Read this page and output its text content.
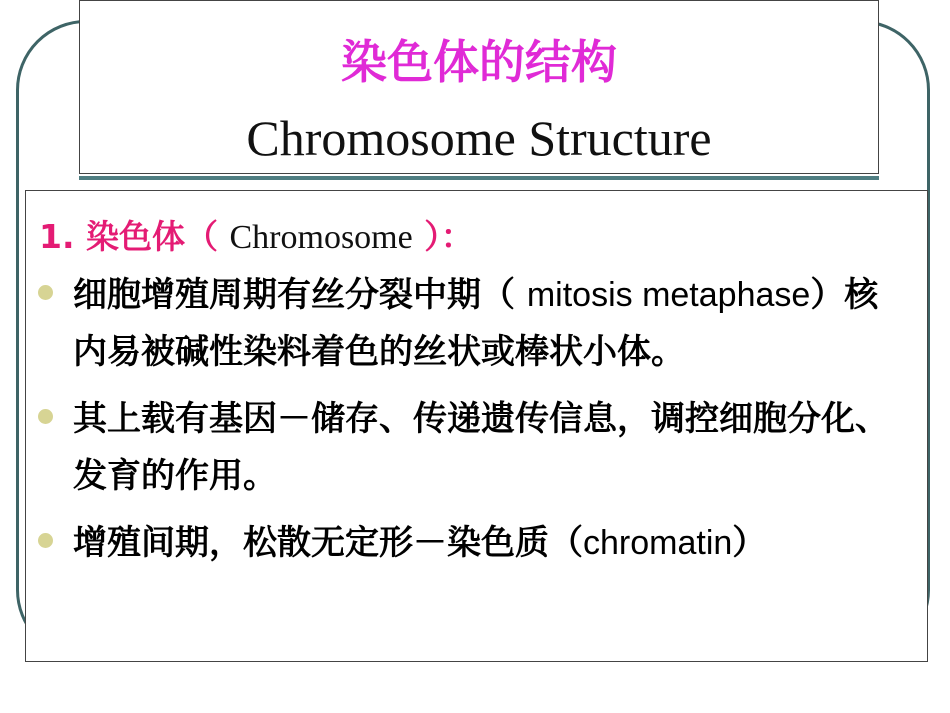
染色体的结构
Chromosome Structure
1. 染色体（ Chromosome ）：
细胞增殖周期有丝分裂中期（ mitosis metaphase）核内易被碱性染料着色的丝状或棒状小体。
其上载有基因－储存、传递遗传信息，调控细胞分化、发育的作用。
增殖间期，松散无定形－染色质（chromatin）
